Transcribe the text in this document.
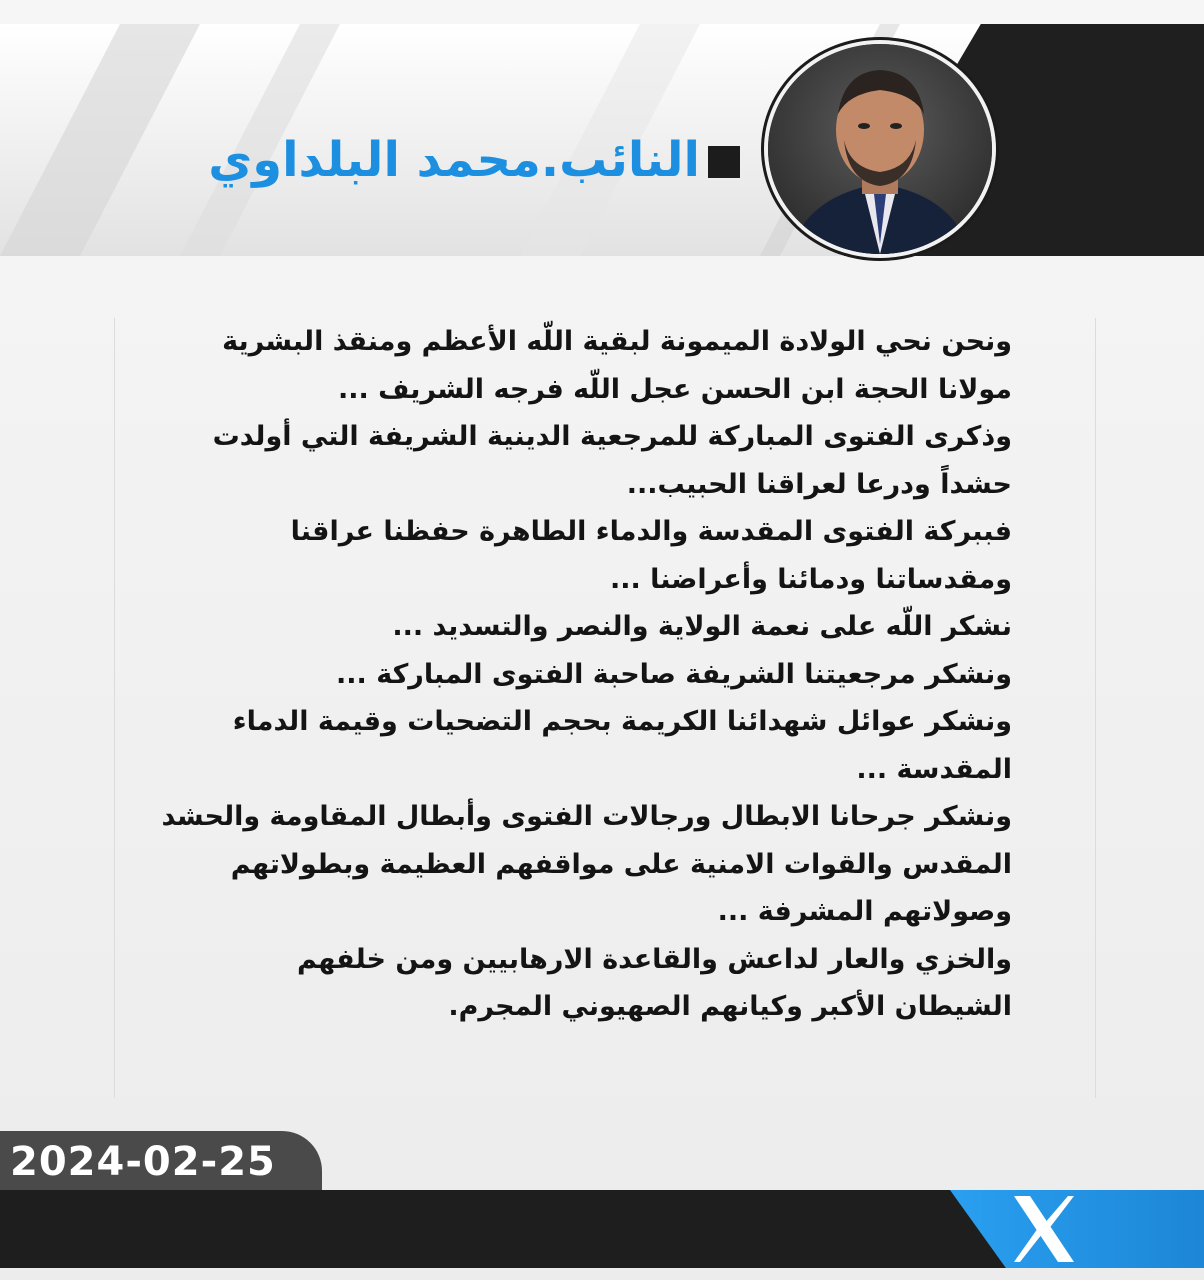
النائب.محمد البلداوي
ونحن نحي الولادة الميمونة لبقية اللّه الأعظم ومنقذ البشرية
مولانا الحجة ابن الحسن عجل اللّه فرجه الشريف ...
وذكرى الفتوى المباركة للمرجعية الدينية الشريفة التي أولدت
حشداً ودرعا لعراقنا الحبيب...
فببركة الفتوى المقدسة والدماء الطاهرة حفظنا عراقنا
ومقدساتنا ودمائنا وأعراضنا ...
نشكر اللّه على نعمة الولاية والنصر والتسديد ...
ونشكر مرجعيتنا الشريفة صاحبة الفتوى المباركة ...
ونشكر عوائل شهدائنا الكريمة بحجم التضحيات وقيمة الدماء
المقدسة ...
ونشكر جرحانا الابطال ورجالات الفتوى وأبطال المقاومة والحشد
المقدس والقوات الامنية على مواقفهم العظيمة وبطولاتهم
وصولاتهم المشرفة ...
والخزي والعار لداعش والقاعدة الارهابيين ومن خلفهم
الشيطان الأكبر وكيانهم الصهيوني المجرم.
2024-02-25
